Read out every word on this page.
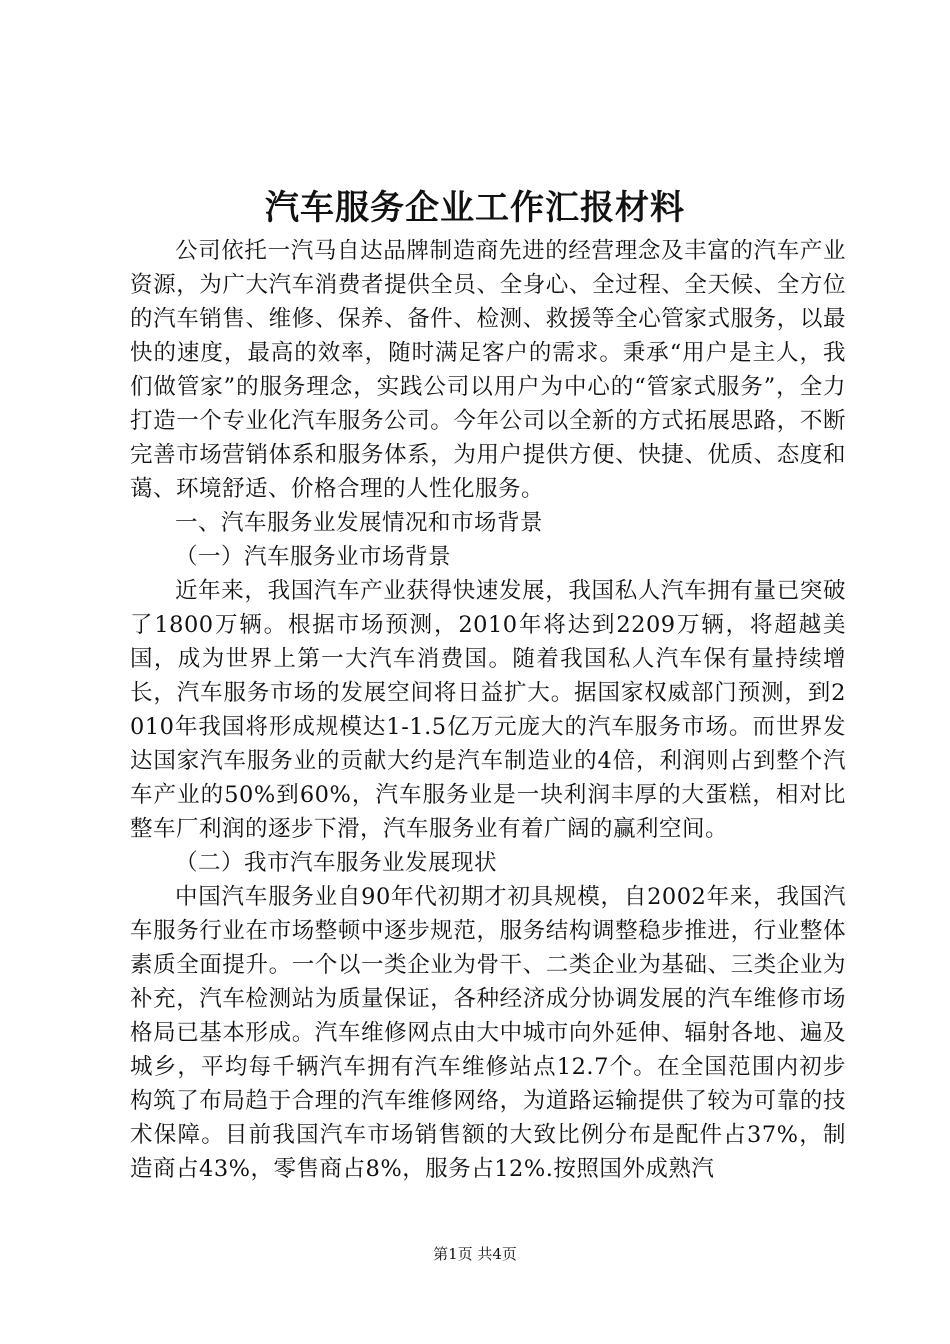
汽车服务企业工作汇报材料

公司依托一汽马自达品牌制造商先进的经营理念及丰富的汽车产业资源，为广大汽车消费者提供全员、全身心、全过程、全天候、全方位的汽车销售、维修、保养、备件、检测、救援等全心管家式服务，以最快的速度，最高的效率，随时满足客户的需求。秉承“用户是主人，我们做管家”的服务理念，实践公司以用户为中心的“管家式服务”，全力打造一个专业化汽车服务公司。今年公司以全新的方式拓展思路，不断完善市场营销体系和服务体系，为用户提供方便、快捷、优质、态度和蔼、环境舒适、价格合理的人性化服务。

一、汽车服务业发展情况和市场背景

（一）汽车服务业市场背景

近年来，我国汽车产业获得快速发展，我国私人汽车拥有量已突破了1800万辆。根据市场预测，2010年将达到2209万辆，将超越美国，成为世界上第一大汽车消费国。随着我国私人汽车保有量持续增长，汽车服务市场的发展空间将日益扩大。据国家权威部门预测，到2010年我国将形成规模达1-1.5亿万元庞大的汽车服务市场。而世界发达国家汽车服务业的贡献大约是汽车制造业的4倍，利润则占到整个汽车产业的50%到60%，汽车服务业是一块利润丰厚的大蛋糕，相对比整车厂利润的逐步下滑，汽车服务业有着广阔的赢利空间。

（二）我市汽车服务业发展现状

中国汽车服务业自90年代初期才初具规模，自2002年来，我国汽车服务行业在市场整顿中逐步规范，服务结构调整稳步推进，行业整体素质全面提升。一个以一类企业为骨干、二类企业为基础、三类企业为补充，汽车检测站为质量保证，各种经济成分协调发展的汽车维修市场格局已基本形成。汽车维修网点由大中城市向外延伸、辐射各地、遍及城乡，平均每千辆汽车拥有汽车维修站点12.7个。在全国范围内初步构筑了布局趋于合理的汽车维修网络，为道路运输提供了较为可靠的技术保障。目前我国汽车市场销售额的大致比例分布是配件占37%，制造商占43%，零售商占8%，服务占12%.按照国外成熟汽

第1页 共4页
